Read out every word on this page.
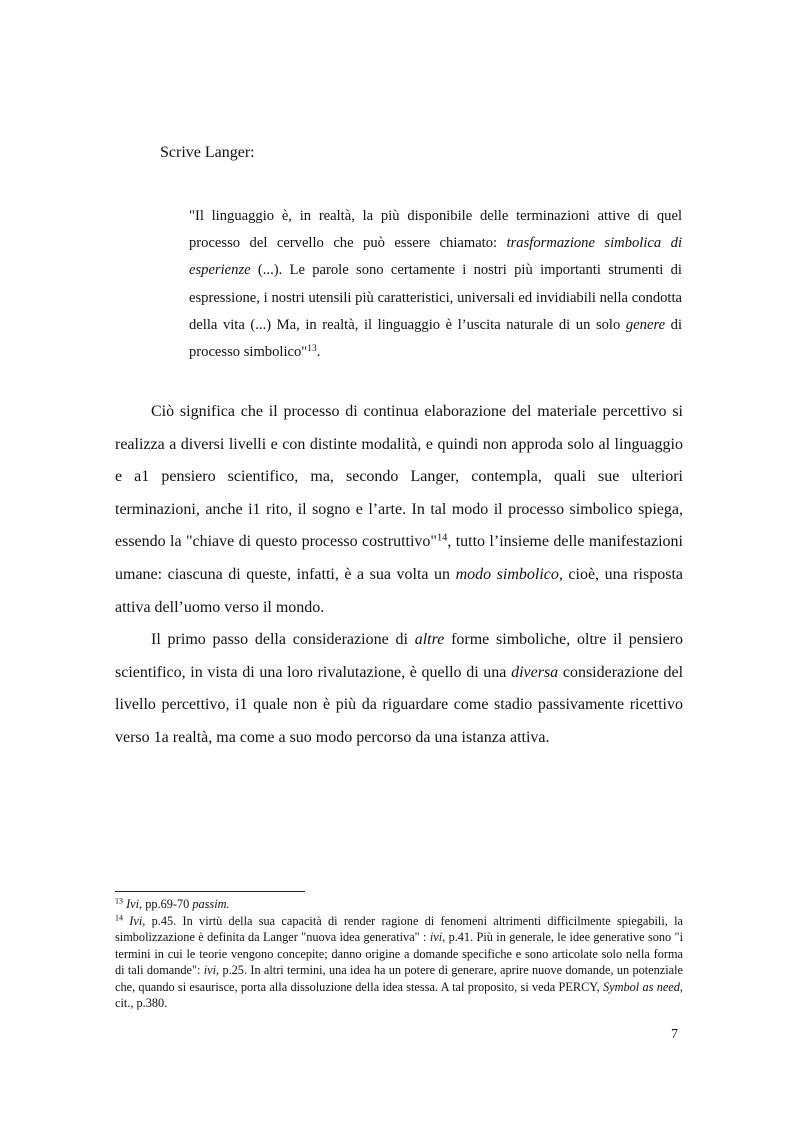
Scrive Langer:

"Il linguaggio è, in realtà, la più disponibile delle terminazioni attive di quel processo del cervello che può essere chiamato: trasformazione simbolica di esperienze (...). Le parole sono certamente i nostri più importanti strumenti di espressione, i nostri utensili più caratteristici, universali ed invidiabili nella condotta della vita (...) Ma, in realtà, il linguaggio è l’uscita naturale di un solo genere di processo simbolico"$^{13}$.

Ciò significa che il processo di continua elaborazione del materiale percettivo si realizza a diversi livelli e con distinte modalità, e quindi non approda solo al linguaggio e a1 pensiero scientifico, ma, secondo Langer, contempla, quali sue ulteriori terminazioni, anche i1 rito, il sogno e l’arte. In tal modo il processo simbolico spiega, essendo la "chiave di questo processo costruttivo"$^{14}$, tutto l’insieme delle manifestazioni umane: ciascuna di queste, infatti, è a sua volta un modo simbolico, cioè, una risposta attiva dell’uomo verso il mondo.

Il primo passo della considerazione di altre forme simboliche, oltre il pensiero scientifico, in vista di una loro rivalutazione, è quello di una diversa considerazione del livello percettivo, i1 quale non è più da riguardare come stadio passivamente ricettivo verso 1a realtà, ma come a suo modo percorso da una istanza attiva.

$^{13}$ Ivi, pp.69-70 passim.

$^{14}$ Ivi, p.45. In virtù della sua capacità di render ragione di fenomeni altrimenti difficilmente spiegabili, la simbolizzazione è definita da Langer "nuova idea generativa" : ivi, p.41. Più in generale, le idee generative sono "i termini in cui le teorie vengono concepite; danno origine a domande specifiche e sono articolate solo nella forma di tali domande": ivi, p.25. In altri termini, una idea ha un potere di generare, aprire nuove domande, un potenziale che, quando si esaurisce, porta alla dissoluzione della idea stessa. A tal proposito, si veda PERCY, Symbol as need, cit., p.380.

7
